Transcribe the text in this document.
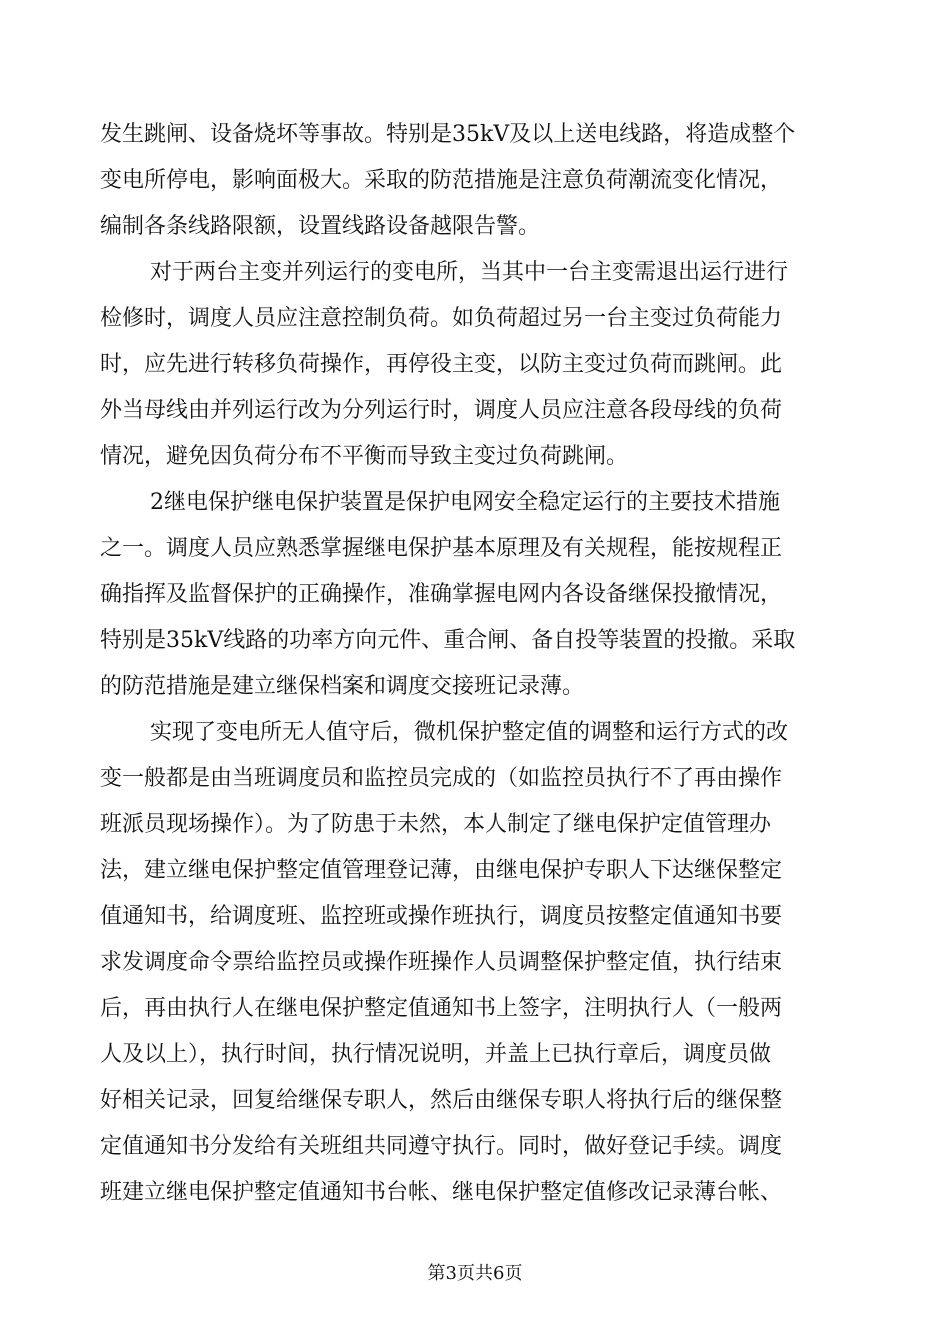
发生跳闸、设备烧坏等事故。特别是35kV及以上送电线路，将造成整个
变电所停电，影响面极大。采取的防范措施是注意负荷潮流变化情况，
编制各条线路限额，设置线路设备越限告警。
对于两台主变并列运行的变电所，当其中一台主变需退出运行进行
检修时，调度人员应注意控制负荷。如负荷超过另一台主变过负荷能力
时，应先进行转移负荷操作，再停役主变，以防主变过负荷而跳闸。此
外当母线由并列运行改为分列运行时，调度人员应注意各段母线的负荷
情况，避免因负荷分布不平衡而导致主变过负荷跳闸。
2继电保护继电保护装置是保护电网安全稳定运行的主要技术措施
之一。调度人员应熟悉掌握继电保护基本原理及有关规程，能按规程正
确指挥及监督保护的正确操作，准确掌握电网内各设备继保投撤情况，
特别是35kV线路的功率方向元件、重合闸、备自投等装置的投撤。采取
的防范措施是建立继保档案和调度交接班记录薄。
实现了变电所无人值守后，微机保护整定值的调整和运行方式的改
变一般都是由当班调度员和监控员完成的（如监控员执行不了再由操作
班派员现场操作）。为了防患于未然，本人制定了继电保护定值管理办
法，建立继电保护整定值管理登记薄，由继电保护专职人下达继保整定
值通知书，给调度班、监控班或操作班执行，调度员按整定值通知书要
求发调度命令票给监控员或操作班操作人员调整保护整定值，执行结束
后，再由执行人在继电保护整定值通知书上签字，注明执行人（一般两
人及以上），执行时间，执行情况说明，并盖上已执行章后，调度员做
好相关记录，回复给继保专职人，然后由继保专职人将执行后的继保整
定值通知书分发给有关班组共同遵守执行。同时，做好登记手续。调度
班建立继电保护整定值通知书台帐、继电保护整定值修改记录薄台帐、
第3页共6页
